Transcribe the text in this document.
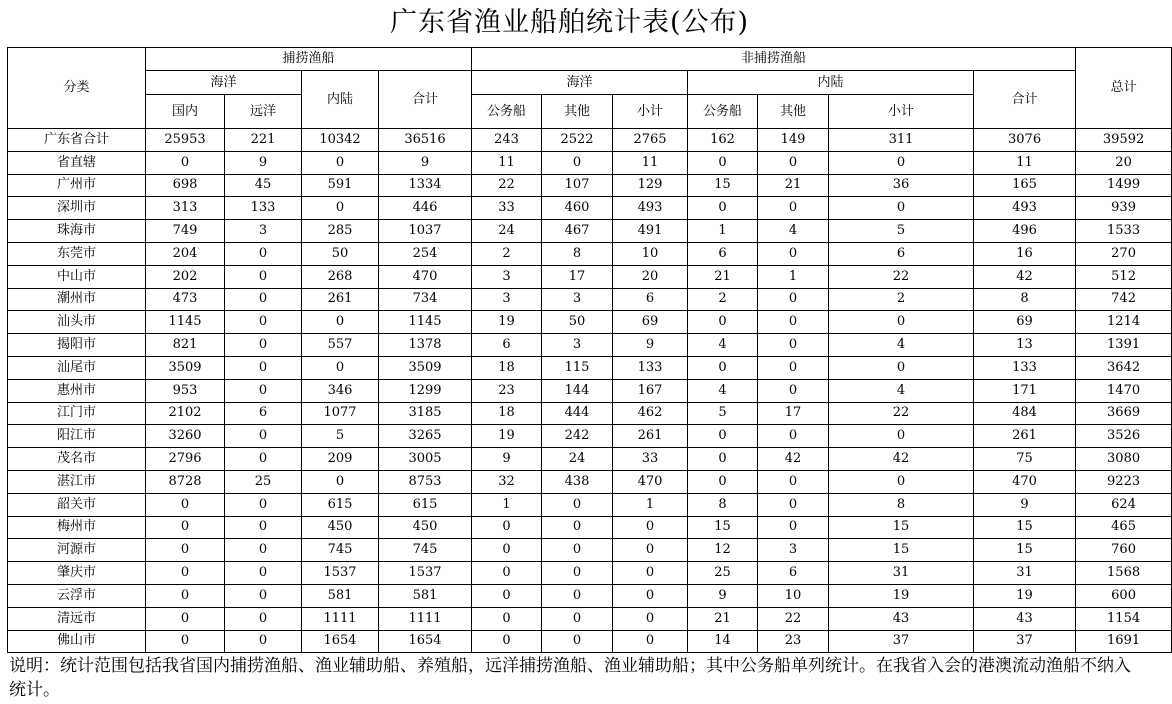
广东省渔业船舶统计表(公布)
分类	捕捞渔船				非捕捞渔船							总计
	海洋		内陆	合计	海洋			内陆			合计	
	国内	远洋			公务船	其他	小计	公务船	其他	小计		
广东省合计	25953	221	10342	36516	243	2522	2765	162	149	311	3076	39592
省直辖	0	9	0	9	11	0	11	0	0	0	11	20
广州市	698	45	591	1334	22	107	129	15	21	36	165	1499
深圳市	313	133	0	446	33	460	493	0	0	0	493	939
珠海市	749	3	285	1037	24	467	491	1	4	5	496	1533
东莞市	204	0	50	254	2	8	10	6	0	6	16	270
中山市	202	0	268	470	3	17	20	21	1	22	42	512
潮州市	473	0	261	734	3	3	6	2	0	2	8	742
汕头市	1145	0	0	1145	19	50	69	0	0	0	69	1214
揭阳市	821	0	557	1378	6	3	9	4	0	4	13	1391
汕尾市	3509	0	0	3509	18	115	133	0	0	0	133	3642
惠州市	953	0	346	1299	23	144	167	4	0	4	171	1470
江门市	2102	6	1077	3185	18	444	462	5	17	22	484	3669
阳江市	3260	0	5	3265	19	242	261	0	0	0	261	3526
茂名市	2796	0	209	3005	9	24	33	0	42	42	75	3080
湛江市	8728	25	0	8753	32	438	470	0	0	0	470	9223
韶关市	0	0	615	615	1	0	1	8	0	8	9	624
梅州市	0	0	450	450	0	0	0	15	0	15	15	465
河源市	0	0	745	745	0	0	0	12	3	15	15	760
肇庆市	0	0	1537	1537	0	0	0	25	6	31	31	1568
云浮市	0	0	581	581	0	0	0	9	10	19	19	600
清远市	0	0	1111	1111	0	0	0	21	22	43	43	1154
佛山市	0	0	1654	1654	0	0	0	14	23	37	37	1691
说明：统计范围包括我省国内捕捞渔船、渔业辅助船、养殖船，远洋捕捞渔船、渔业辅助船；其中公务船单列统计。在我省入会的港澳流动渔船不纳入统计。
